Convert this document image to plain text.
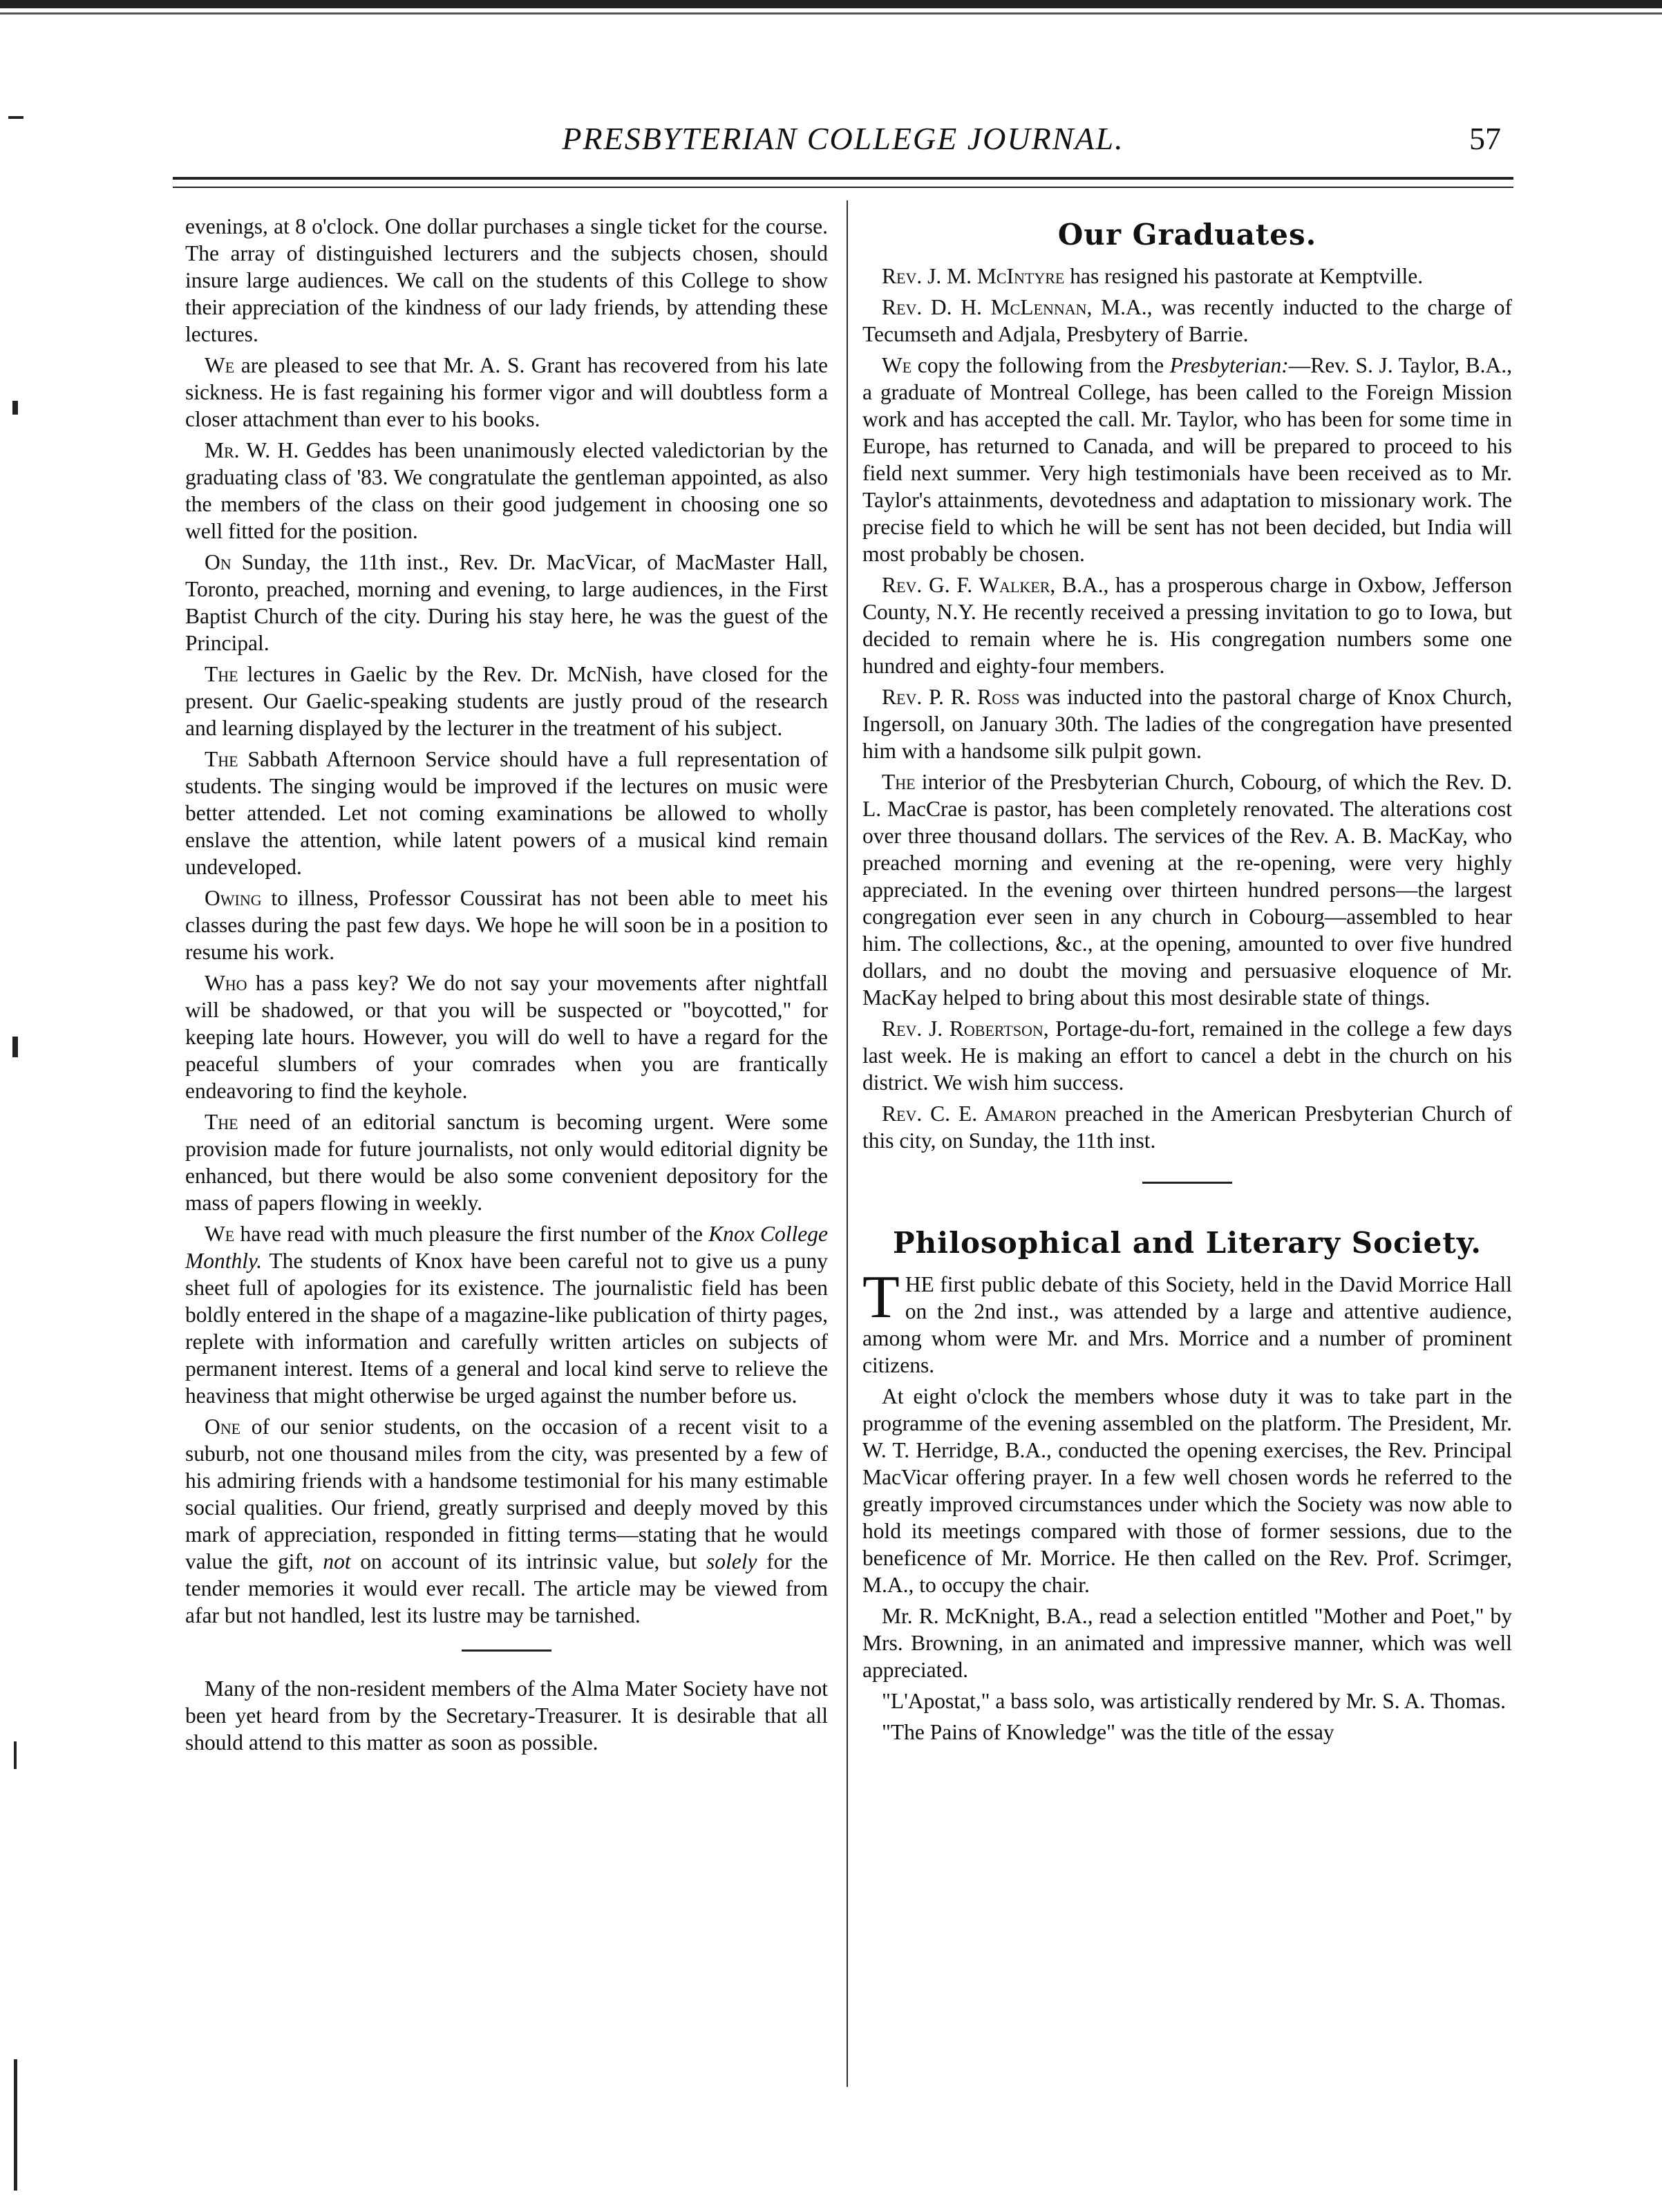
PRESBYTERIAN COLLEGE JOURNAL.	57

evenings, at 8 o'clock. One dollar purchases a single ticket for the course. The array of distinguished lecturers and the subjects chosen, should insure large audiences. We call on the students of this College to show their appreciation of the kindness of our lady friends, by attending these lectures.

We are pleased to see that Mr. A. S. Grant has recovered from his late sickness. He is fast regaining his former vigor and will doubtless form a closer attachment than ever to his books.

Mr. W. H. Geddes has been unanimously elected valedictorian by the graduating class of '83. We congratulate the gentleman appointed, as also the members of the class on their good judgement in choosing one so well fitted for the position.

On Sunday, the 11th inst., Rev. Dr. MacVicar, of MacMaster Hall, Toronto, preached, morning and evening, to large audiences, in the First Baptist Church of the city. During his stay here, he was the guest of the Principal.

The lectures in Gaelic by the Rev. Dr. McNish, have closed for the present. Our Gaelic-speaking students are justly proud of the research and learning displayed by the lecturer in the treatment of his subject.

The Sabbath Afternoon Service should have a full representation of students. The singing would be improved if the lectures on music were better attended. Let not coming examinations be allowed to wholly enslave the attention, while latent powers of a musical kind remain undeveloped.

Owing to illness, Professor Coussirat has not been able to meet his classes during the past few days. We hope he will soon be in a position to resume his work.

Who has a pass key? We do not say your movements after nightfall will be shadowed, or that you will be suspected or "boycotted," for keeping late hours. However, you will do well to have a regard for the peaceful slumbers of your comrades when you are frantically endeavoring to find the keyhole.

The need of an editorial sanctum is becoming urgent. Were some provision made for future journalists, not only would editorial dignity be enhanced, but there would be also some convenient depository for the mass of papers flowing in weekly.

We have read with much pleasure the first number of the Knox College Monthly. The students of Knox have been careful not to give us a puny sheet full of apologies for its existence. The journalistic field has been boldly entered in the shape of a magazine-like publication of thirty pages, replete with information and carefully written articles on subjects of permanent interest. Items of a general and local kind serve to relieve the heaviness that might otherwise be urged against the number before us.

One of our senior students, on the occasion of a recent visit to a suburb, not one thousand miles from the city, was presented by a few of his admiring friends with a handsome testimonial for his many estimable social qualities. Our friend, greatly surprised and deeply moved by this mark of appreciation, responded in fitting terms—stating that he would value the gift, not on account of its intrinsic value, but solely for the tender memories it would ever recall. The article may be viewed from afar but not handled, lest its lustre may be tarnished.

Many of the non-resident members of the Alma Mater Society have not been yet heard from by the Secretary-Treasurer. It is desirable that all should attend to this matter as soon as possible.

Our Graduates.

Rev. J. M. McIntyre has resigned his pastorate at Kemptville.

Rev. D. H. McLennan, M.A., was recently inducted to the charge of Tecumseth and Adjala, Presbytery of Barrie.

We copy the following from the Presbyterian:—Rev. S. J. Taylor, B.A., a graduate of Montreal College, has been called to the Foreign Mission work and has accepted the call. Mr. Taylor, who has been for some time in Europe, has returned to Canada, and will be prepared to proceed to his field next summer. Very high testimonials have been received as to Mr. Taylor's attainments, devotedness and adaptation to missionary work. The precise field to which he will be sent has not been decided, but India will most probably be chosen.

Rev. G. F. Walker, B.A., has a prosperous charge in Oxbow, Jefferson County, N.Y. He recently received a pressing invitation to go to Iowa, but decided to remain where he is. His congregation numbers some one hundred and eighty-four members.

Rev. P. R. Ross was inducted into the pastoral charge of Knox Church, Ingersoll, on January 30th. The ladies of the congregation have presented him with a handsome silk pulpit gown.

The interior of the Presbyterian Church, Cobourg, of which the Rev. D. L. MacCrae is pastor, has been completely renovated. The alterations cost over three thousand dollars. The services of the Rev. A. B. MacKay, who preached morning and evening at the re-opening, were very highly appreciated. In the evening over thirteen hundred persons—the largest congregation ever seen in any church in Cobourg—assembled to hear him. The collections, &c., at the opening, amounted to over five hundred dollars, and no doubt the moving and persuasive eloquence of Mr. MacKay helped to bring about this most desirable state of things.

Rev. J. Robertson, Portage-du-fort, remained in the college a few days last week. He is making an effort to cancel a debt in the church on his district. We wish him success.

Rev. C. E. Amaron preached in the American Presbyterian Church of this city, on Sunday, the 11th inst.

Philosophical and Literary Society.

THE first public debate of this Society, held in the David Morrice Hall on the 2nd inst., was attended by a large and attentive audience, among whom were Mr. and Mrs. Morrice and a number of prominent citizens.

At eight o'clock the members whose duty it was to take part in the programme of the evening assembled on the platform. The President, Mr. W. T. Herridge, B.A., conducted the opening exercises, the Rev. Principal MacVicar offering prayer. In a few well chosen words he referred to the greatly improved circumstances under which the Society was now able to hold its meetings compared with those of former sessions, due to the beneficence of Mr. Morrice. He then called on the Rev. Prof. Scrimger, M.A., to occupy the chair.

Mr. R. McKnight, B.A., read a selection entitled "Mother and Poet," by Mrs. Browning, in an animated and impressive manner, which was well appreciated.

"L'Apostat," a bass solo, was artistically rendered by Mr. S. A. Thomas.

"The Pains of Knowledge" was the title of the essay
